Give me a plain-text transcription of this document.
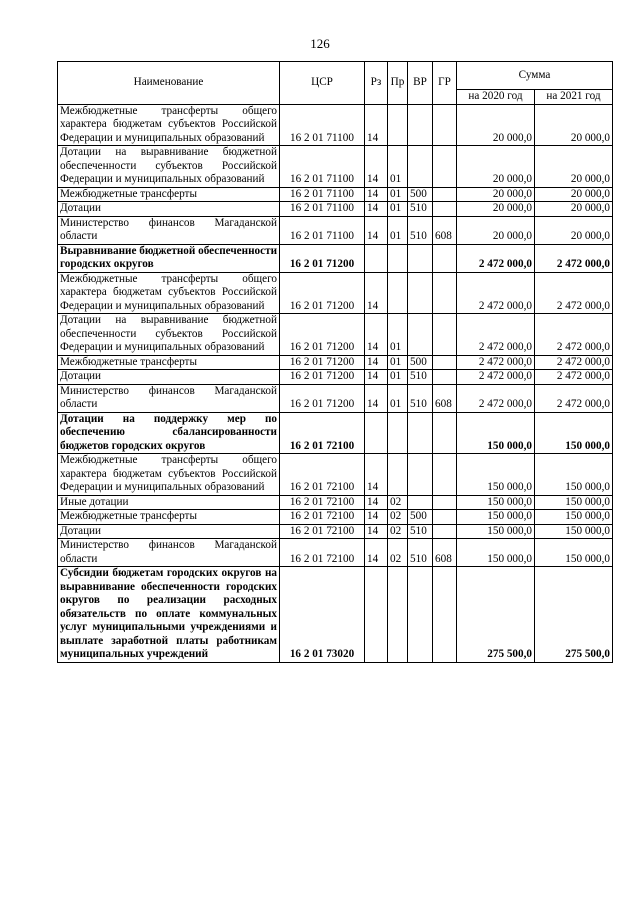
126
Наименование	ЦСР	Рз	Пр	ВР	ГР	Сумма	
						на 2020 год	на 2021 год
Межбюджетные трансферты общего характера бюджетам субъектов Российской Федерации и муниципальных образований	16 2 01 71100	14				20 000,0	20 000,0
Дотации на выравнивание бюджетной обеспеченности субъектов Российской Федерации и муниципальных образований	16 2 01 71100	14	01			20 000,0	20 000,0
Межбюджетные трансферты	16 2 01 71100	14	01	500		20 000,0	20 000,0
Дотации	16 2 01 71100	14	01	510		20 000,0	20 000,0
Министерство финансов Магаданской области	16 2 01 71100	14	01	510	608	20 000,0	20 000,0
Выравнивание бюджетной обеспеченности городских округов	16 2 01 71200					2 472 000,0	2 472 000,0
Межбюджетные трансферты общего характера бюджетам субъектов Российской Федерации и муниципальных образований	16 2 01 71200	14				2 472 000,0	2 472 000,0
Дотации на выравнивание бюджетной обеспеченности субъектов Российской Федерации и муниципальных образований	16 2 01 71200	14	01			2 472 000,0	2 472 000,0
Межбюджетные трансферты	16 2 01 71200	14	01	500		2 472 000,0	2 472 000,0
Дотации	16 2 01 71200	14	01	510		2 472 000,0	2 472 000,0
Министерство финансов Магаданской области	16 2 01 71200	14	01	510	608	2 472 000,0	2 472 000,0
Дотации на поддержку мер по обеспечению сбалансированности бюджетов городских округов	16 2 01 72100					150 000,0	150 000,0
Межбюджетные трансферты общего характера бюджетам субъектов Российской Федерации и муниципальных образований	16 2 01 72100	14				150 000,0	150 000,0
Иные дотации	16 2 01 72100	14	02			150 000,0	150 000,0
Межбюджетные трансферты	16 2 01 72100	14	02	500		150 000,0	150 000,0
Дотации	16 2 01 72100	14	02	510		150 000,0	150 000,0
Министерство финансов Магаданской области	16 2 01 72100	14	02	510	608	150 000,0	150 000,0
Субсидии бюджетам городских округов на выравнивание обеспеченности городских округов по реализации расходных обязательств по оплате коммунальных услуг муниципальными учреждениями и выплате заработной платы работникам муниципальных учреждений	16 2 01 73020					275 500,0	275 500,0
